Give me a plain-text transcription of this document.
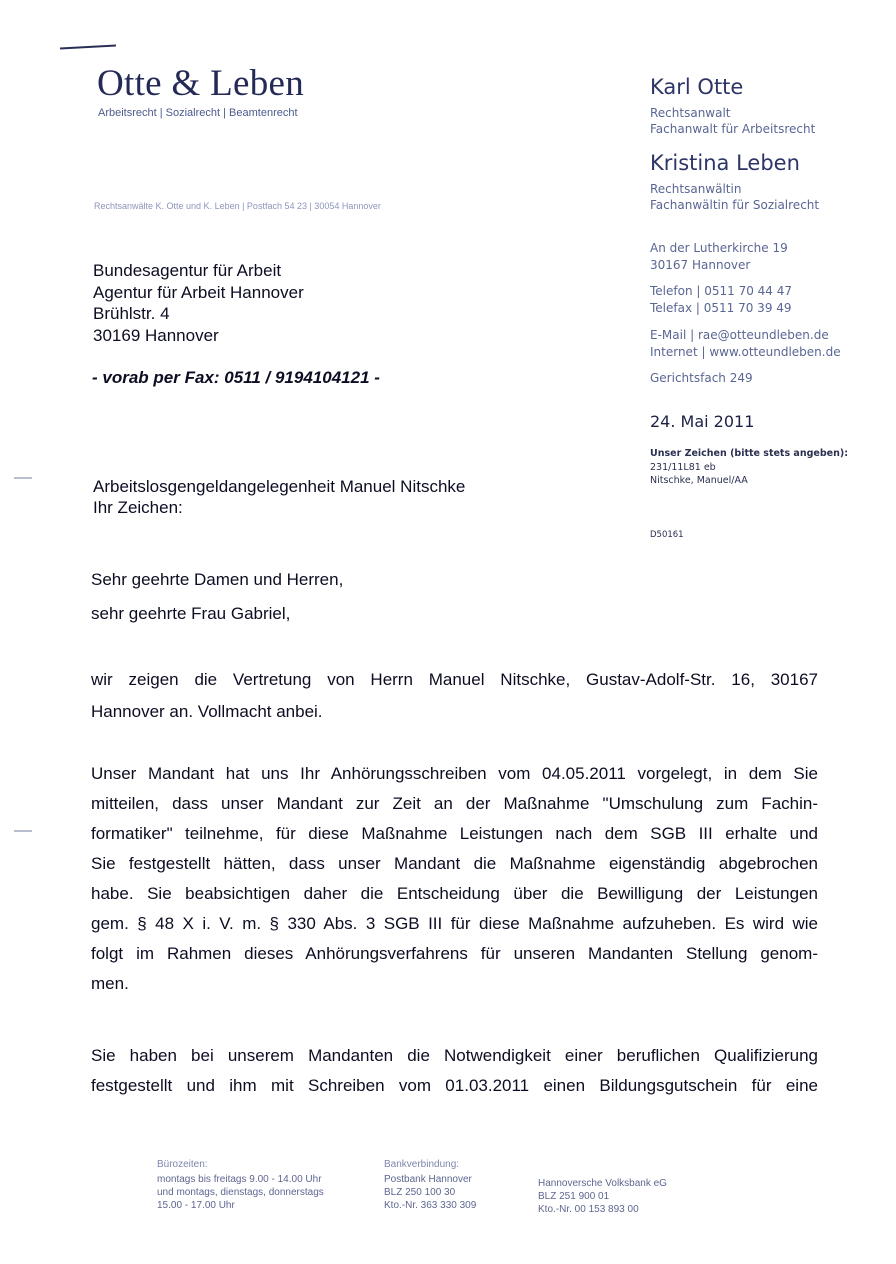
Otte & Leben
Arbeitsrecht | Sozialrecht | Beamtenrecht
Rechtsanwälte K. Otte und K. Leben | Postfach 54 23 | 30054 Hannover
Karl Otte
Rechtsanwalt
Fachanwalt für Arbeitsrecht
Kristina Leben
Rechtsanwältin
Fachanwältin für Sozialrecht
An der Lutherkirche 19
30167 Hannover
Telefon | 0511 70 44 47
Telefax | 0511 70 39 49
E-Mail | rae@otteundleben.de
Internet | www.otteundleben.de
Gerichtsfach 249
24. Mai 2011
Unser Zeichen (bitte stets angeben):
231/11L81 eb
Nitschke, Manuel/AA
D50161
Bundesagentur für Arbeit
Agentur für Arbeit Hannover
Brühlstr. 4
30169 Hannover
- vorab per Fax: 0511 / 9194104121 -
Arbeitslosgengeldangelegenheit Manuel Nitschke
Ihr Zeichen:
Sehr geehrte Damen und Herren,
sehr geehrte Frau Gabriel,
wir zeigen die Vertretung von Herrn Manuel Nitschke, Gustav-Adolf-Str. 16, 30167
Hannover an. Vollmacht anbei.
Unser Mandant hat uns Ihr Anhörungsschreiben vom 04.05.2011 vorgelegt, in dem Sie
mitteilen, dass unser Mandant zur Zeit an der Maßnahme "Umschulung zum Fachin-
formatiker" teilnehme, für diese Maßnahme Leistungen nach dem SGB III erhalte und
Sie festgestellt hätten, dass unser Mandant die Maßnahme eigenständig abgebrochen
habe. Sie beabsichtigen daher die Entscheidung über die Bewilligung der Leistungen
gem. § 48 X i. V. m. § 330 Abs. 3 SGB III für diese Maßnahme aufzuheben. Es wird wie
folgt im Rahmen dieses Anhörungsverfahrens für unseren Mandanten Stellung genom-
men.
Sie haben bei unserem Mandanten die Notwendigkeit einer beruflichen Qualifizierung
festgestellt und ihm mit Schreiben vom 01.03.2011 einen Bildungsgutschein für eine
Bürozeiten:
montags bis freitags 9.00 - 14.00 Uhr
und montags, dienstags, donnerstags
15.00 - 17.00 Uhr
Bankverbindung:
Postbank Hannover
BLZ 250 100 30
Kto.-Nr. 363 330 309
Hannoversche Volksbank eG
BLZ 251 900 01
Kto.-Nr. 00 153 893 00
